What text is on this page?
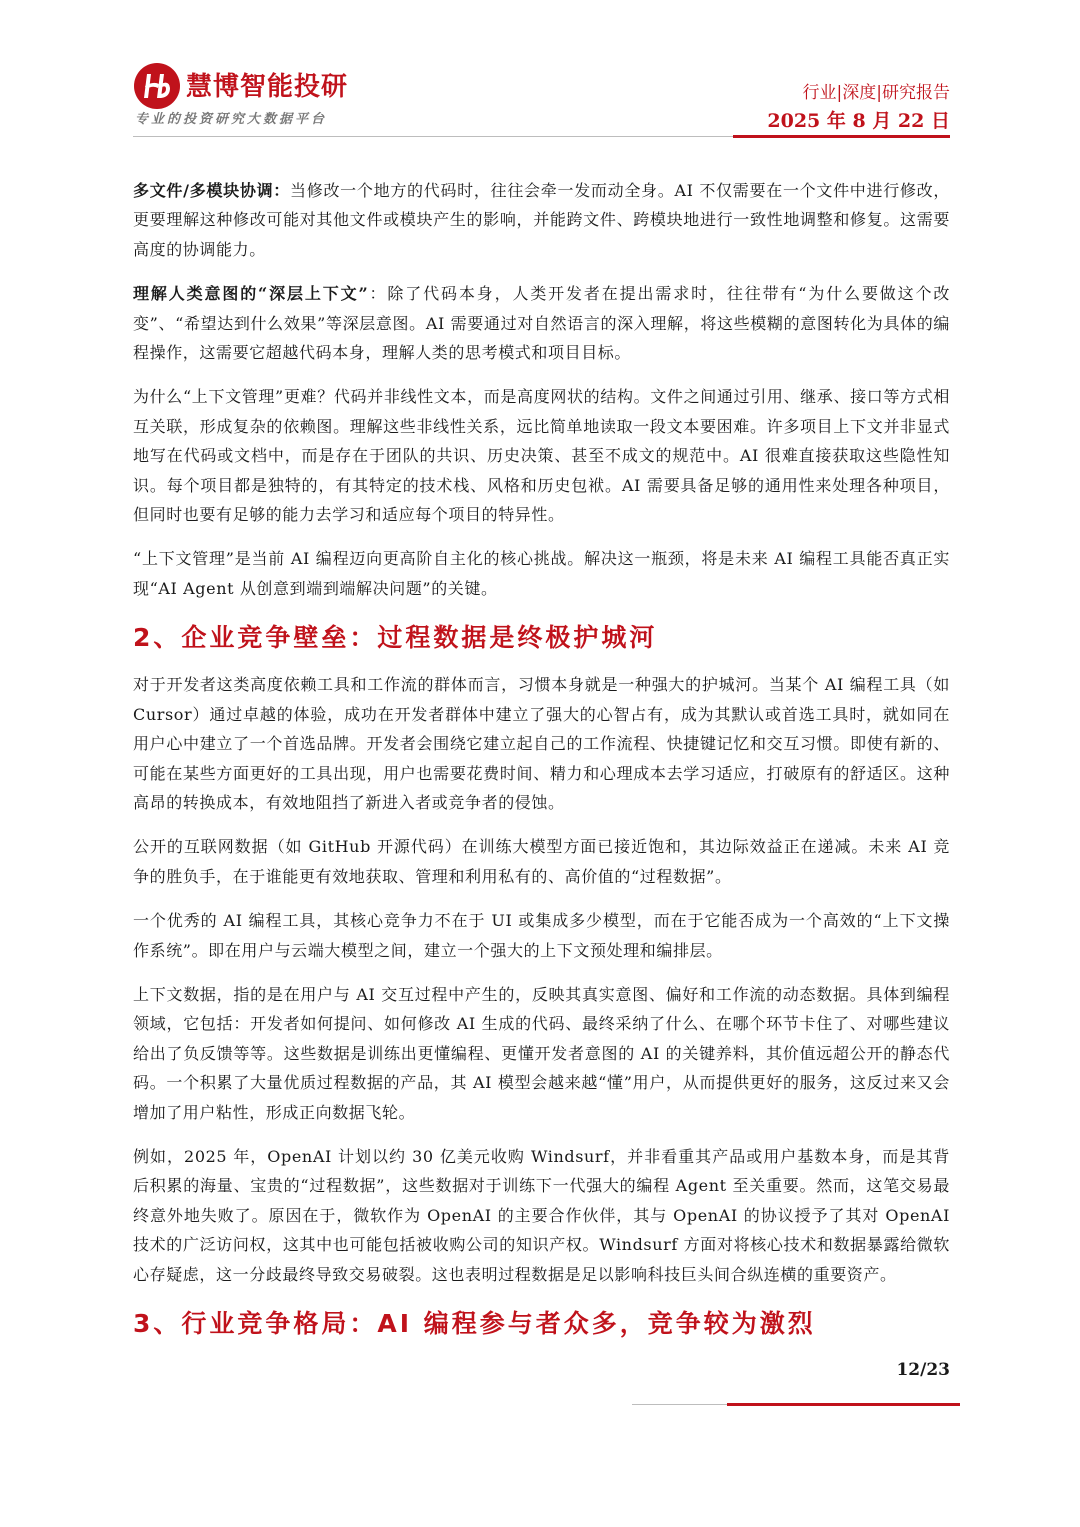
慧博智能投研
专业的投资研究大数据平台
行业|深度|研究报告
2025 年 8 月 22 日

多文件/多模块协调：当修改一个地方的代码时，往往会牵一发而动全身。AI 不仅需要在一个文件中进行修改，更要理解这种修改可能对其他文件或模块产生的影响，并能跨文件、跨模块地进行一致性地调整和修复。这需要高度的协调能力。

理解人类意图的“深层上下文”：除了代码本身，人类开发者在提出需求时，往往带有“为什么要做这个改变”、“希望达到什么效果”等深层意图。AI 需要通过对自然语言的深入理解，将这些模糊的意图转化为具体的编程操作，这需要它超越代码本身，理解人类的思考模式和项目目标。

为什么“上下文管理”更难？代码并非线性文本，而是高度网状的结构。文件之间通过引用、继承、接口等方式相互关联，形成复杂的依赖图。理解这些非线性关系，远比简单地读取一段文本要困难。许多项目上下文并非显式地写在代码或文档中，而是存在于团队的共识、历史决策、甚至不成文的规范中。AI 很难直接获取这些隐性知识。每个项目都是独特的，有其特定的技术栈、风格和历史包袱。AI 需要具备足够的通用性来处理各种项目，但同时也要有足够的能力去学习和适应每个项目的特异性。

“上下文管理”是当前 AI 编程迈向更高阶自主化的核心挑战。解决这一瓶颈，将是未来 AI 编程工具能否真正实现“AI Agent 从创意到端到端解决问题”的关键。

2、企业竞争壁垒：过程数据是终极护城河

对于开发者这类高度依赖工具和工作流的群体而言，习惯本身就是一种强大的护城河。当某个 AI 编程工具（如 Cursor）通过卓越的体验，成功在开发者群体中建立了强大的心智占有，成为其默认或首选工具时，就如同在用户心中建立了一个首选品牌。开发者会围绕它建立起自己的工作流程、快捷键记忆和交互习惯。即使有新的、可能在某些方面更好的工具出现，用户也需要花费时间、精力和心理成本去学习适应，打破原有的舒适区。这种高昂的转换成本，有效地阻挡了新进入者或竞争者的侵蚀。

公开的互联网数据（如 GitHub 开源代码）在训练大模型方面已接近饱和，其边际效益正在递减。未来 AI 竞争的胜负手，在于谁能更有效地获取、管理和利用私有的、高价值的“过程数据”。

一个优秀的 AI 编程工具，其核心竞争力不在于 UI 或集成多少模型，而在于它能否成为一个高效的“上下文操作系统”。即在用户与云端大模型之间，建立一个强大的上下文预处理和编排层。

上下文数据，指的是在用户与 AI 交互过程中产生的，反映其真实意图、偏好和工作流的动态数据。具体到编程领域，它包括：开发者如何提问、如何修改 AI 生成的代码、最终采纳了什么、在哪个环节卡住了、对哪些建议给出了负反馈等等。这些数据是训练出更懂编程、更懂开发者意图的 AI 的关键养料，其价值远超公开的静态代码。一个积累了大量优质过程数据的产品，其 AI 模型会越来越“懂”用户，从而提供更好的服务，这反过来又会增加了用户粘性，形成正向数据飞轮。

例如，2025 年，OpenAI 计划以约 30 亿美元收购 Windsurf，并非看重其产品或用户基数本身，而是其背后积累的海量、宝贵的“过程数据”，这些数据对于训练下一代强大的编程 Agent 至关重要。然而，这笔交易最终意外地失败了。原因在于，微软作为 OpenAI 的主要合作伙伴，其与 OpenAI 的协议授予了其对 OpenAI 技术的广泛访问权，这其中也可能包括被收购公司的知识产权。Windsurf 方面对将核心技术和数据暴露给微软心存疑虑，这一分歧最终导致交易破裂。这也表明过程数据是足以影响科技巨头间合纵连横的重要资产。

3、行业竞争格局：AI 编程参与者众多，竞争较为激烈
12/23
